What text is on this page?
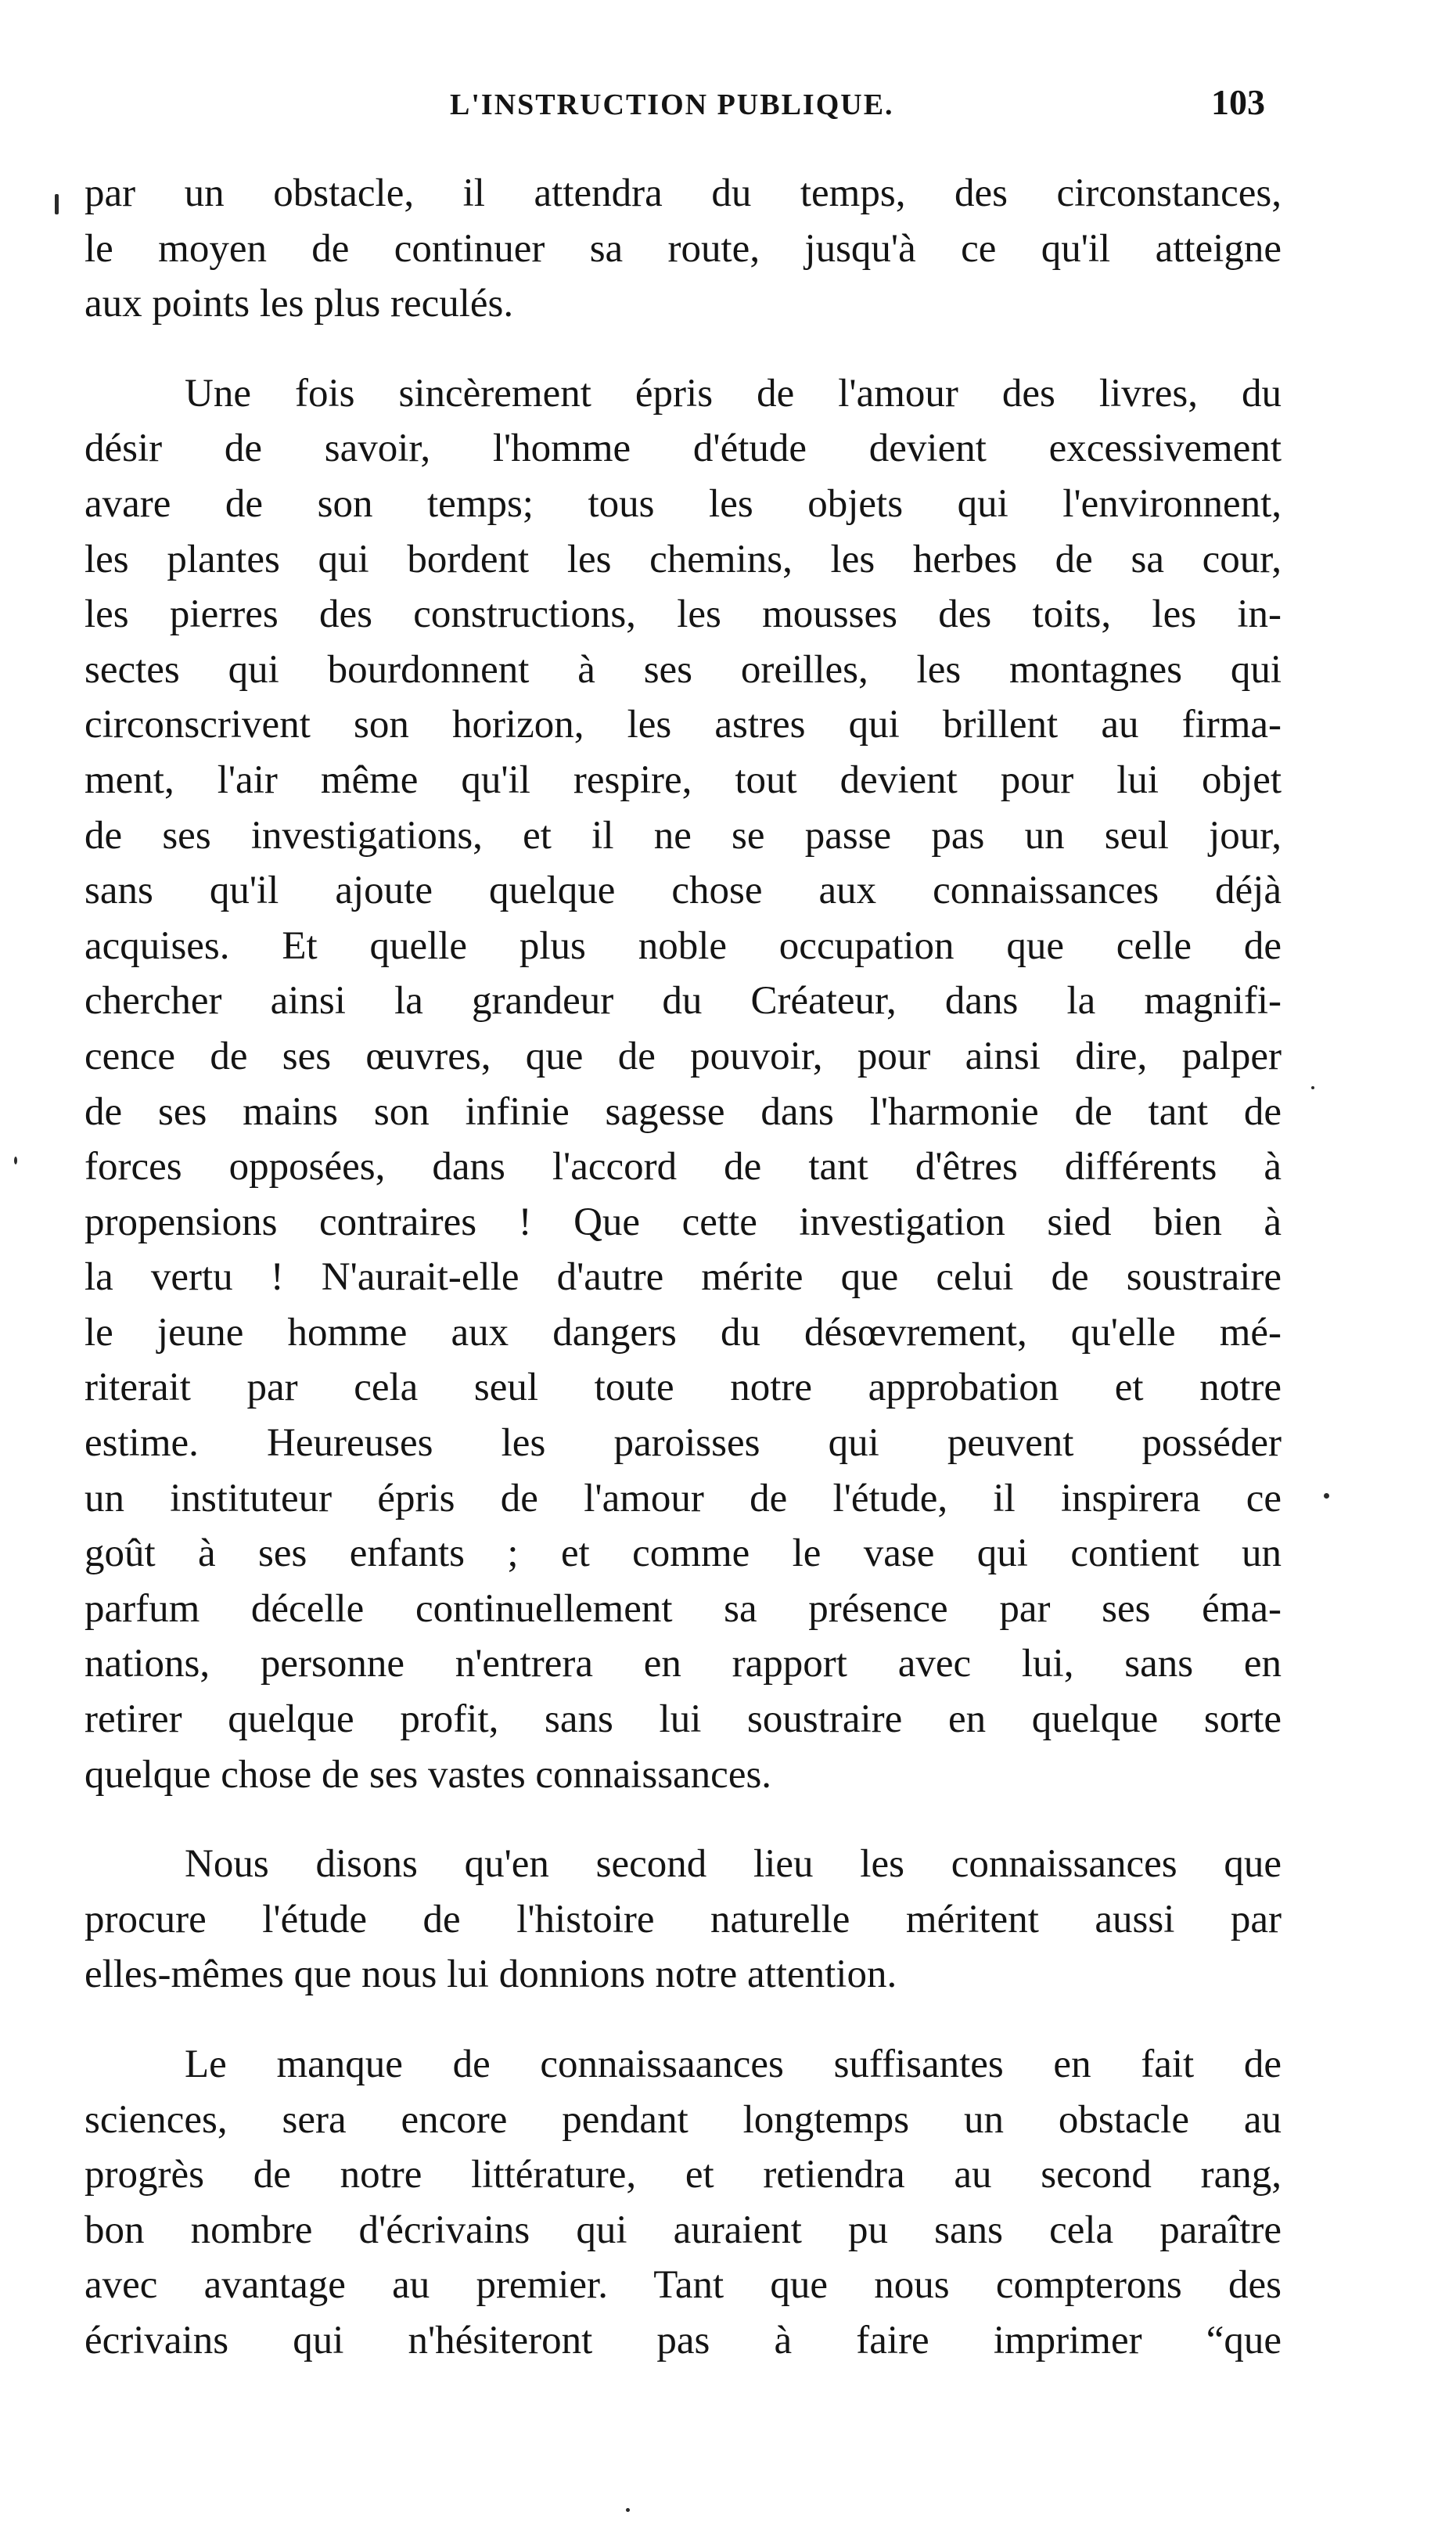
L'INSTRUCTION PUBLIQUE.	103
par un obstacle, il attendra du temps, des circonstances,
le moyen de continuer sa route, jusqu'à ce qu'il atteigne
aux points les plus reculés.
Une fois sincèrement épris de l'amour des livres, du
désir de savoir, l'homme d'étude devient excessivement
avare de son temps; tous les objets qui l'environnent,
les plantes qui bordent les chemins, les herbes de sa cour,
les pierres des constructions, les mousses des toits, les in-
sectes qui bourdonnent à ses oreilles, les montagnes qui
circonscrivent son horizon, les astres qui brillent au firma-
ment, l'air même qu'il respire, tout devient pour lui objet
de ses investigations, et il ne se passe pas un seul jour,
sans qu'il ajoute quelque chose aux connaissances déjà
acquises. Et quelle plus noble occupation que celle de
chercher ainsi la grandeur du Créateur, dans la magnifi-
cence de ses œuvres, que de pouvoir, pour ainsi dire, palper
de ses mains son infinie sagesse dans l'harmonie de tant de
forces opposées, dans l'accord de tant d'êtres différents à
propensions contraires ! Que cette investigation sied bien à
la vertu ! N'aurait-elle d'autre mérite que celui de soustraire
le jeune homme aux dangers du désœvrement, qu'elle mé-
riterait par cela seul toute notre approbation et notre
estime. Heureuses les paroisses qui peuvent posséder
un instituteur épris de l'amour de l'étude, il inspirera ce
goût à ses enfants ; et comme le vase qui contient un
parfum décelle continuellement sa présence par ses éma-
nations, personne n'entrera en rapport avec lui, sans en
retirer quelque profit, sans lui soustraire en quelque sorte
quelque chose de ses vastes connaissances.
Nous disons qu'en second lieu les connaissances que
procure l'étude de l'histoire naturelle méritent aussi par
elles-mêmes que nous lui donnions notre attention.
Le manque de connaissaances suffisantes en fait de
sciences, sera encore pendant longtemps un obstacle au
progrès de notre littérature, et retiendra au second rang,
bon nombre d'écrivains qui auraient pu sans cela paraître
avec avantage au premier. Tant que nous compterons des
écrivains qui n'hésiteront pas à faire imprimer “que
